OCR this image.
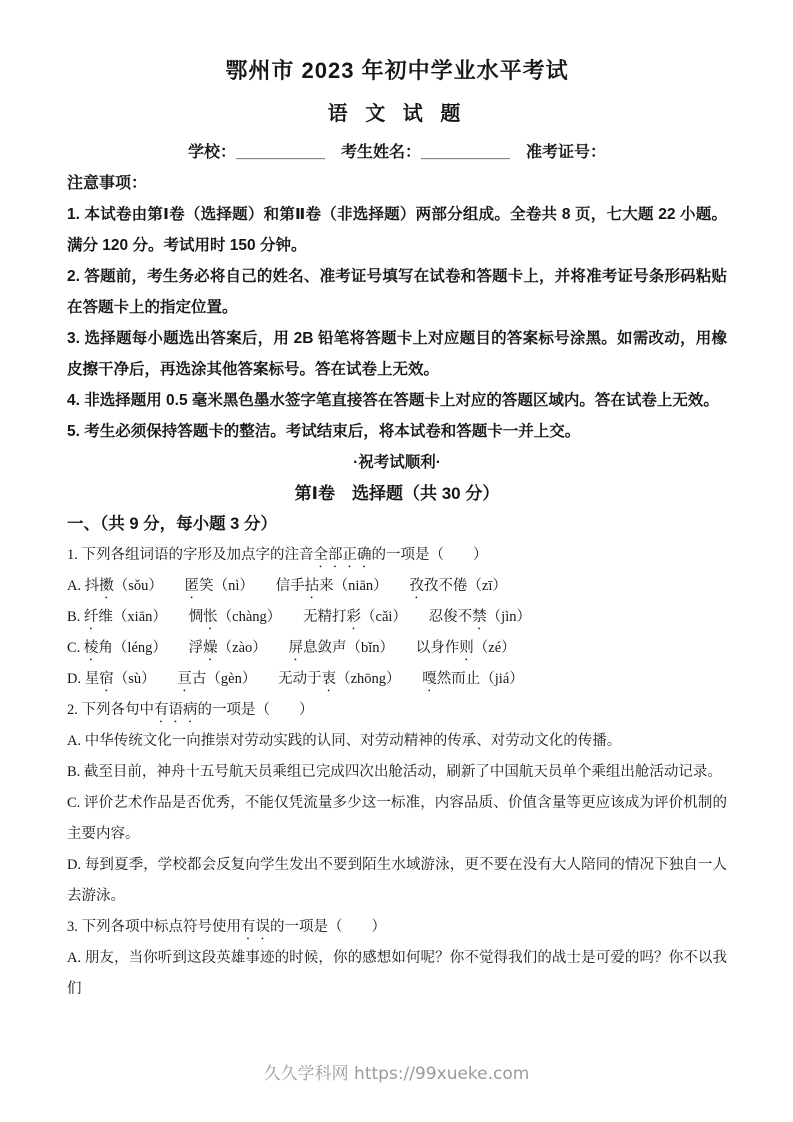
鄂州市 2023 年初中学业水平考试
语 文 试 题

学校：__________　考生姓名：__________　准考证号：

注意事项：

1. 本试卷由第Ⅰ卷（选择题）和第Ⅱ卷（非选择题）两部分组成。全卷共 8 页，七大题 22 小题。满分 120 分。考试用时 150 分钟。

2. 答题前，考生务必将自己的姓名、准考证号填写在试卷和答题卡上，并将准考证号条形码粘贴在答题卡上的指定位置。

3. 选择题每小题选出答案后，用 2B 铅笔将答题卡上对应题目的答案标号涂黑。如需改动，用橡皮擦干净后，再选涂其他答案标号。答在试卷上无效。

4. 非选择题用 0.5 毫米黑色墨水签字笔直接答在答题卡上对应的答题区域内。答在试卷上无效。

5. 考生必须保持答题卡的整洁。考试结束后，将本试卷和答题卡一并上交。

·祝考试顺利·

第Ⅰ卷　选择题（共 30 分）

一、（共 9 分，每小题 3 分）

1. 下列各组词语的字形及加点字的注音全部正确的一项是（　　）

A. 抖擞（sǒu）　　匿笑（nì）　　信手拈来（niān）　　孜孜不倦（zī）

B. 纤维（xiān）　　惆怅（chàng）　　无精打彩（cǎi）　　忍俊不禁（jìn）

C. 棱角（léng）　　浮燥（zào）　　屏息敛声（bǐn）　　以身作则（zé）

D. 星宿（sù）　　亘古（gèn）　　无动于衷（zhōng）　　嘎然而止（jiá）

2. 下列各句中有语病的一项是（　　）

A. 中华传统文化一向推崇对劳动实践的认同、对劳动精神的传承、对劳动文化的传播。

B. 截至目前，神舟十五号航天员乘组已完成四次出舱活动，刷新了中国航天员单个乘组出舱活动记录。

C. 评价艺术作品是否优秀，不能仅凭流量多少这一标准，内容品质、价值含量等更应该成为评价机制的主要内容。

D. 每到夏季，学校都会反复向学生发出不要到陌生水域游泳，更不要在没有大人陪同的情况下独自一人去游泳。

3. 下列各项中标点符号使用有误的一项是（　　）

A. 朋友，当你听到这段英雄事迹的时候，你的感想如何呢？你不觉得我们的战士是可爱的吗？你不以我们

久久学科网 https://99xueke.com
